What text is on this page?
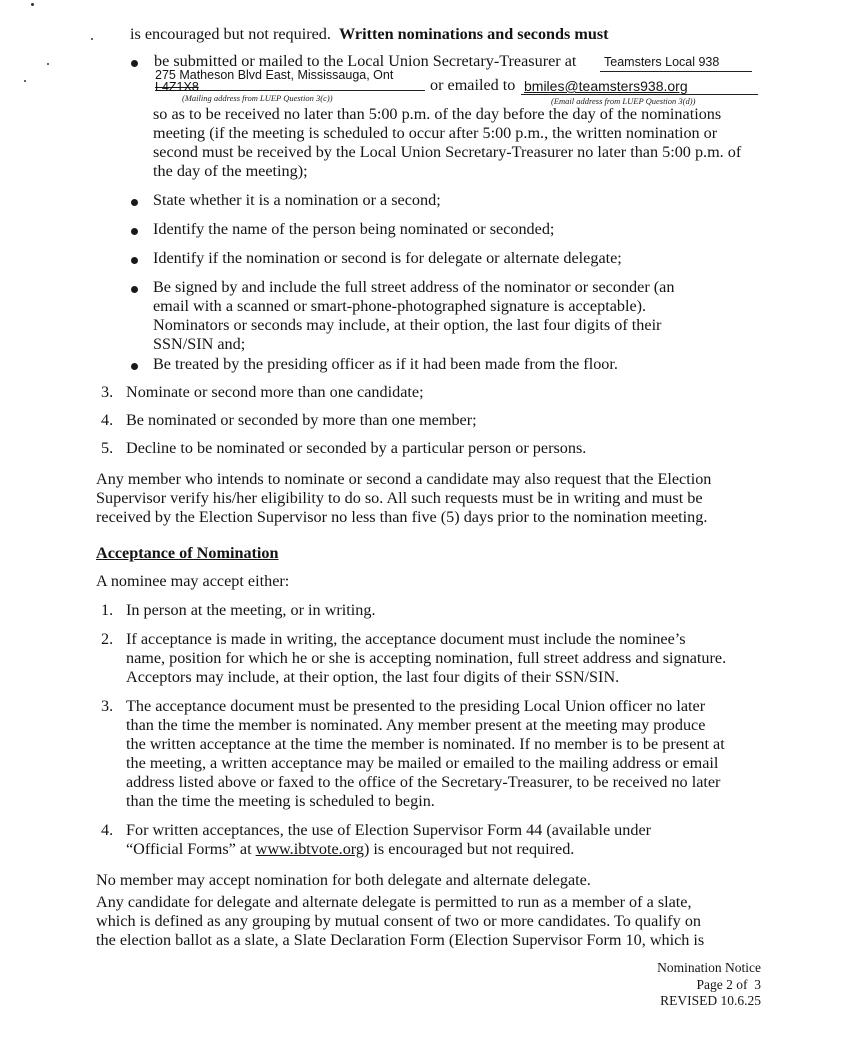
is encouraged but not required. Written nominations and seconds must
be submitted or mailed to the Local Union Secretary-Treasurer at Teamsters Local 938
275 Matheson Blvd East, Mississauga, Ont
L4Z1X8
(Mailing address from LUEP Question 3(c))
or emailed to bmiles@teamsters938.org
(Email address from LUEP Question 3(d))
so as to be received no later than 5:00 p.m. of the day before the day of the nominations
meeting (if the meeting is scheduled to occur after 5:00 p.m., the written nomination or
second must be received by the Local Union Secretary-Treasurer no later than 5:00 p.m. of
the day of the meeting);
State whether it is a nomination or a second;
Identify the name of the person being nominated or seconded;
Identify if the nomination or second is for delegate or alternate delegate;
Be signed by and include the full street address of the nominator or seconder (an
email with a scanned or smart-phone-photographed signature is acceptable).
Nominators or seconds may include, at their option, the last four digits of their
SSN/SIN and;
Be treated by the presiding officer as if it had been made from the floor.
3. Nominate or second more than one candidate;
4. Be nominated or seconded by more than one member;
5. Decline to be nominated or seconded by a particular person or persons.
Any member who intends to nominate or second a candidate may also request that the Election
Supervisor verify his/her eligibility to do so. All such requests must be in writing and must be
received by the Election Supervisor no less than five (5) days prior to the nomination meeting.
Acceptance of Nomination
A nominee may accept either:
1. In person at the meeting, or in writing.
2. If acceptance is made in writing, the acceptance document must include the nominee’s
name, position for which he or she is accepting nomination, full street address and signature.
Acceptors may include, at their option, the last four digits of their SSN/SIN.
3. The acceptance document must be presented to the presiding Local Union officer no later
than the time the member is nominated. Any member present at the meeting may produce
the written acceptance at the time the member is nominated. If no member is to be present at
the meeting, a written acceptance may be mailed or emailed to the mailing address or email
address listed above or faxed to the office of the Secretary-Treasurer, to be received no later
than the time the meeting is scheduled to begin.
4. For written acceptances, the use of Election Supervisor Form 44 (available under
“Official Forms” at www.ibtvote.org) is encouraged but not required.
No member may accept nomination for both delegate and alternate delegate.
Any candidate for delegate and alternate delegate is permitted to run as a member of a slate,
which is defined as any grouping by mutual consent of two or more candidates. To qualify on
the election ballot as a slate, a Slate Declaration Form (Election Supervisor Form 10, which is
Nomination Notice
Page 2 of  3
REVISED 10.6.25
